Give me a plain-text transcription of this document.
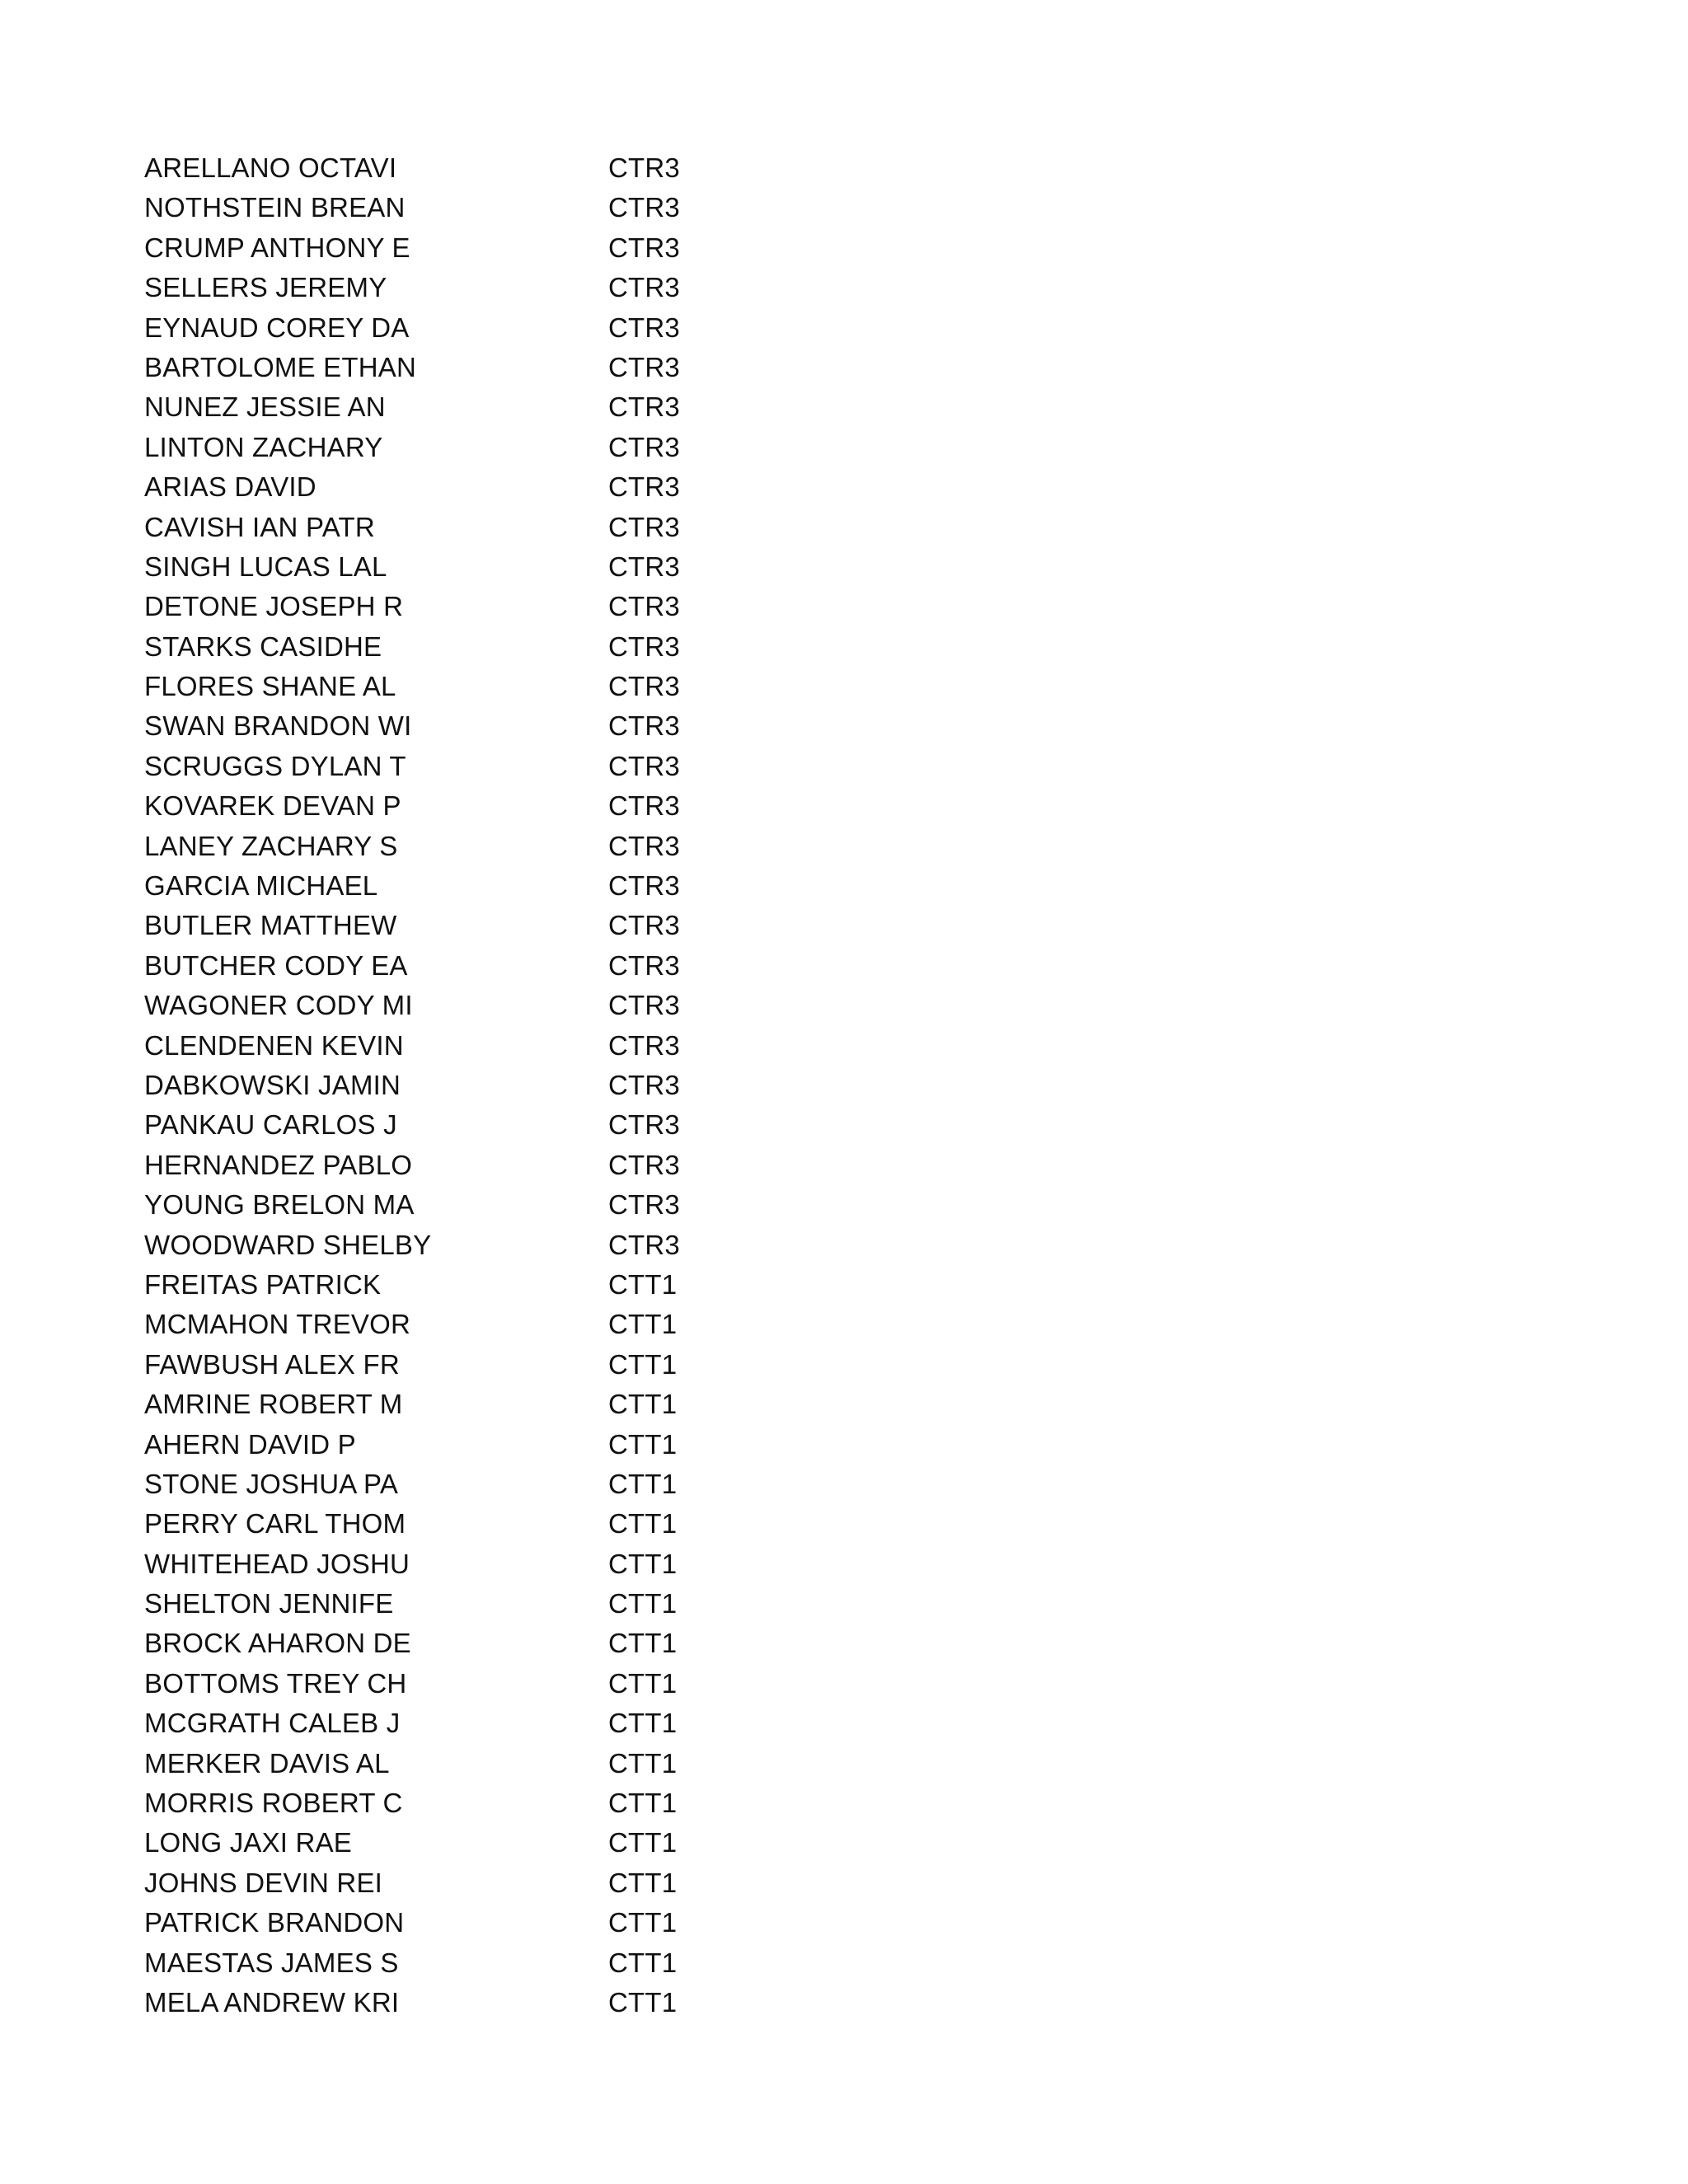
ARELLANO OCTAVI	CTR3
NOTHSTEIN BREAN	CTR3
CRUMP ANTHONY E	CTR3
SELLERS JEREMY	CTR3
EYNAUD COREY DA	CTR3
BARTOLOME ETHAN	CTR3
NUNEZ JESSIE AN	CTR3
LINTON ZACHARY	CTR3
ARIAS DAVID	CTR3
CAVISH IAN PATR	CTR3
SINGH LUCAS LAL	CTR3
DETONE JOSEPH R	CTR3
STARKS CASIDHE	CTR3
FLORES SHANE AL	CTR3
SWAN BRANDON WI	CTR3
SCRUGGS DYLAN T	CTR3
KOVAREK DEVAN P	CTR3
LANEY ZACHARY S	CTR3
GARCIA MICHAEL	CTR3
BUTLER MATTHEW	CTR3
BUTCHER CODY EA	CTR3
WAGONER CODY MI	CTR3
CLENDENEN KEVIN	CTR3
DABKOWSKI JAMIN	CTR3
PANKAU CARLOS J	CTR3
HERNANDEZ PABLO	CTR3
YOUNG BRELON MA	CTR3
WOODWARD SHELBY	CTR3
FREITAS PATRICK	CTT1
MCMAHON TREVOR	CTT1
FAWBUSH ALEX FR	CTT1
AMRINE ROBERT M	CTT1
AHERN DAVID P	CTT1
STONE JOSHUA PA	CTT1
PERRY CARL THOM	CTT1
WHITEHEAD JOSHU	CTT1
SHELTON JENNIFE	CTT1
BROCK AHARON DE	CTT1
BOTTOMS TREY CH	CTT1
MCGRATH CALEB J	CTT1
MERKER DAVIS AL	CTT1
MORRIS ROBERT C	CTT1
LONG JAXI RAE	CTT1
JOHNS DEVIN REI	CTT1
PATRICK BRANDON	CTT1
MAESTAS JAMES S	CTT1
MELA ANDREW KRI	CTT1
